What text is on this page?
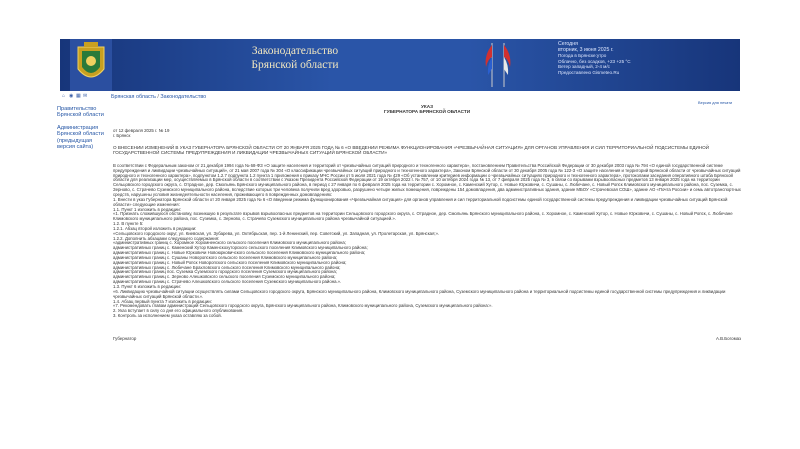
Законодательство
Брянской области
Сегодня
вторник, 3 июня 2025 г.
Погода в Брянске:утро
Облачно, без осадков, +23 +25 °С
Ветер западный, 2-4 м/с
Предоставлено Gismeteo.Ru
⌂ ◉ ▦ ✉
Правительство Брянской области
Администрация Брянской области (предыдущая версия сайта)
Брянская область / Законодательство
Версия для печати
УКАЗ
ГУБЕРНАТОРА БРЯНСКОЙ ОБЛАСТИ
от 12 февраля 2025 г. № 19
г. Брянск
О ВНЕСЕНИИ ИЗМЕНЕНИЙ В УКАЗ ГУБЕРНАТОРА БРЯНСКОЙ ОБЛАСТИ ОТ 20 ЯНВАРЯ 2025 ГОДА № 6 «О ВВЕДЕНИИ РЕЖИМА ФУНКЦИОНИРОВАНИЯ «ЧРЕЗВЫЧАЙНАЯ СИТУАЦИЯ» ДЛЯ ОРГАНОВ УПРАВЛЕНИЯ И СИЛ ТЕРРИТОРИАЛЬНОЙ ПОДСИСТЕМЫ ЕДИНОЙ ГОСУДАРСТВЕННОЙ СИСТЕМЫ ПРЕДУПРЕЖДЕНИЯ И ЛИКВИДАЦИИ ЧРЕЗВЫЧАЙНЫХ СИТУАЦИЙ БРЯНСКОЙ ОБЛАСТИ»
В соответствии с Федеральным законом от 21 декабря 1994 года № 68-ФЗ «О защите населения и территорий от чрезвычайных ситуаций природного и техногенного характера», постановлением Правительства Российской Федерации от 30 декабря 2003 года № 794 «О единой государственной системе предупреждения и ликвидации чрезвычайных ситуаций», от 21 мая 2007 года № 304 «О классификации чрезвычайных ситуаций природного и техногенного характера», Законом Брянской области от 30 декабря 2005 года № 122-З «О защите населения и территорий Брянской области от чрезвычайных ситуаций природного и техногенного характера», подпунктом 1.2.7 подпункта 1.2 пункта 1 приложения к приказу МЧС России от 5 июля 2021 года № 429 «Об установлении критериев информации о чрезвычайных ситуациях природного и техногенного характера», протоколами заседания оперативного штаба Брянской области для реализации мер, осуществляемых в Брянской области в соответствии с Указом Президента Российской Федерации от 19 октября 2022 г. № 757, от 10 октября 2024 года № 13, от 7 февраля 2025 года № 3, в связи со взрывами взрывоопасных предметов 13 января 2025 года на территории Сельцовского городского округа, с. Отрадное, дер. Смольянь Брянского муниципального района, в период с 27 января по 6 февраля 2025 года на территории с. Хоромное, с. Каменский Хутор, с. Новые Юрковичи, с. Сушаны, с. Любечане, с. Новый Ропск Климовского муниципального района, пос. Суземка, с. Зерново, с. Страчево Суземского муниципального района, вследствие которых три человека получили вред здоровью, разрушено четыре жилых помещения, повреждены 154 домовладения, два административных здания, здание МБОУ «Страчевская СОШ», здание АО «Почта России» и семь автотранспортных средств, нарушены условия жизнедеятельности населения, проживающего в поврежденных домовладениях:
1. Внести в указ Губернатора Брянской области от 20 января 2025 года № 6 «О введении режима функционирования «Чрезвычайная ситуация» для органов управления и сил территориальной подсистемы единой государственной системы предупреждения и ликвидации чрезвычайных ситуаций Брянской области» следующие изменения:
1.1. Пункт 1 изложить в редакции:
«1. Признать сложившуюся обстановку, возникшую в результате взрывов взрывоопасных предметов на территории Сельцовского городского округа, с. Отрадное, дер. Смольянь Брянского муниципального района, с. Хоромное, с. Каменский Хутор, с. Новые Юрковичи, с. Сушаны, с. Новый Ропск, с. Любечане Климовского муниципального района, пос. Суземка, с. Зерново, с. Страчево Суземского муниципального района чрезвычайной ситуацией.».
1.2. В пункте 5:
1.2.1. Абзац второй изложить в редакции:
«Сельцовского городского округ, ул. Киевская, ул. Зубарева, ул. Октябрьская, пер. 1-й Ленинский, пер. Советский, ул. Западная, ул. Пролетарская, ул. Брянская;».
1.2.2. Дополнить абзацами следующего содержания:
«административных границ с. Хоромное Хоромненского сельского поселения Климовского муниципального района;
административных границ с. Каменский Хутор Каменскохуторского сельского поселения Климовского муниципального района;
административных границ с. Новые Юрковичи Новоюрковичского сельского поселения Климовского муниципального района;
административных границ с. Сушаны Новоропского сельского поселения Климовского муниципального района;
административных границ с. Новый Ропск Новоропского сельского поселения Климовского муниципального района;
административных границ с. Любечане Брахловского сельского поселения Климовского муниципального района;
административных границ пос. Суземка Суземского городского поселения Суземского муниципального района;
административных границ с. Зерново Алешковского сельского поселения Суземского муниципального района;
административных границ с. Страчево Алешковского сельского поселения Суземского муниципального района.».
1.3. Пункт 6 изложить в редакции:
«6. Ликвидацию чрезвычайной ситуации осуществлять силами Сельцовского городского округа, Брянского муниципального района, Климовского муниципального района, Суземского муниципального района и территориальной подсистемы единой государственной системы предупреждения и ликвидации чрезвычайных ситуаций Брянской области.».
1.4. Абзац первый пункта 7 изложить в редакции:
«7. Рекомендовать главам администраций Сельцовского городского округа, Брянского муниципального района, Климовского муниципального района, Суземского муниципального района:».
2. Указ вступает в силу со дня его официального опубликования.
3. Контроль за исполнением указа оставляю за собой.
Губернатор	А.В.Богомаз
